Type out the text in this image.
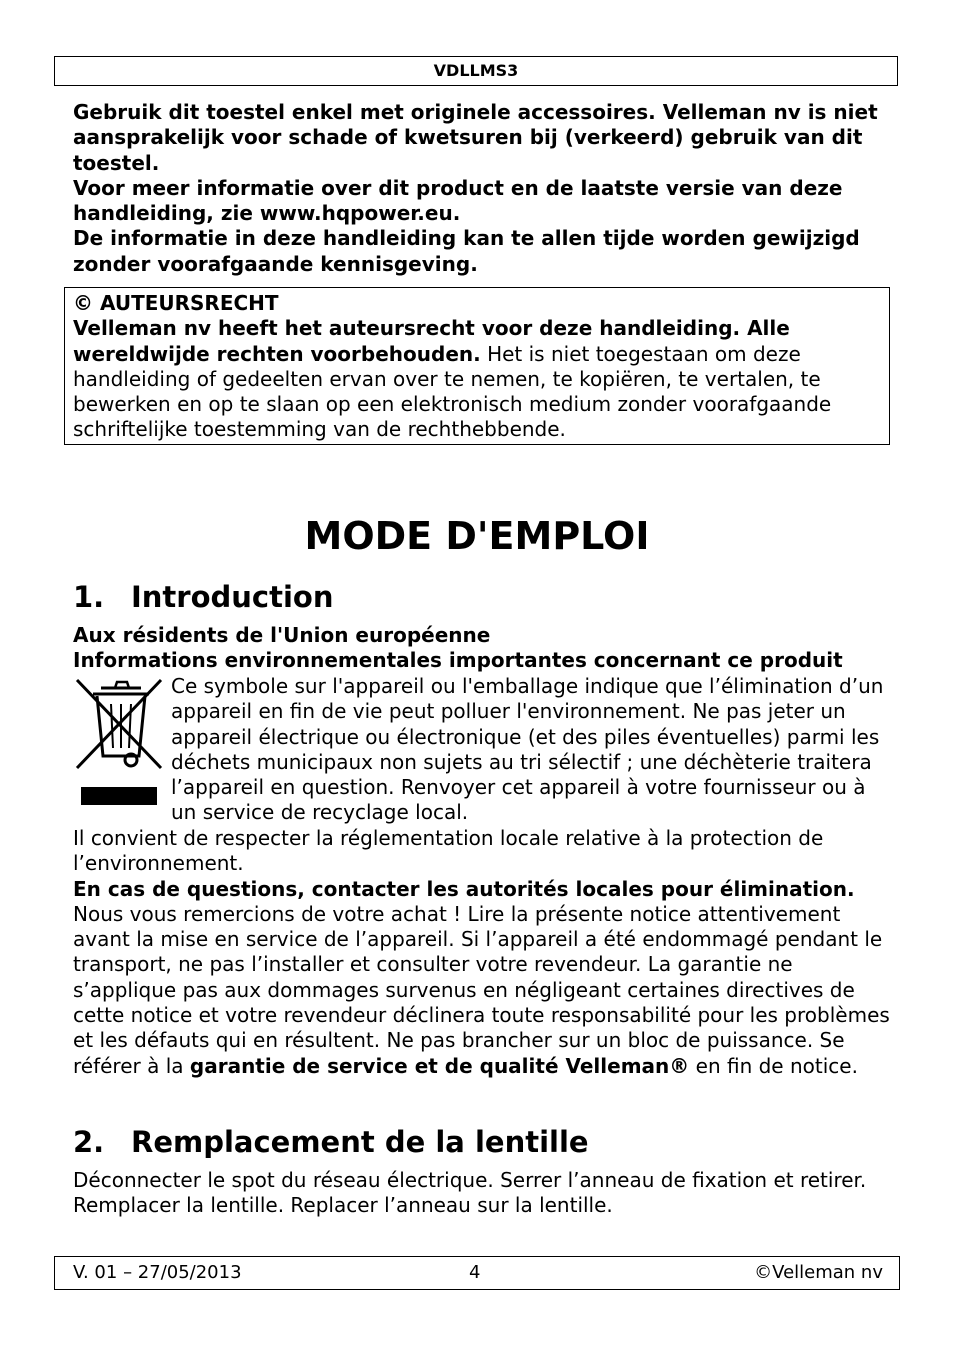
VDLLMS3
Gebruik dit toestel enkel met originele accessoires. Velleman nv is niet aansprakelijk voor schade of kwetsuren bij (verkeerd) gebruik van dit toestel.
Voor meer informatie over dit product en de laatste versie van deze handleiding, zie www.hqpower.eu.
De informatie in deze handleiding kan te allen tijde worden gewijzigd zonder voorafgaande kennisgeving.
© AUTEURSRECHT
Velleman nv heeft het auteursrecht voor deze handleiding. Alle wereldwijde rechten voorbehouden. Het is niet toegestaan om deze handleiding of gedeelten ervan over te nemen, te kopiëren, te vertalen, te bewerken en op te slaan op een elektronisch medium zonder voorafgaande schriftelijke toestemming van de rechthebbende.
MODE D'EMPLOI
1. Introduction
Aux résidents de l'Union européenne
Informations environnementales importantes concernant ce produit
Ce symbole sur l'appareil ou l'emballage indique que l’élimination d’un appareil en fin de vie peut polluer l'environnement. Ne pas jeter un appareil électrique ou électronique (et des piles éventuelles) parmi les déchets municipaux non sujets au tri sélectif ; une déchèterie traitera l’appareil en question. Renvoyer cet appareil à votre fournisseur ou à un service de recyclage local.
Il convient de respecter la réglementation locale relative à la protection de l’environnement.
En cas de questions, contacter les autorités locales pour élimination.
Nous vous remercions de votre achat ! Lire la présente notice attentivement avant la mise en service de l’appareil. Si l’appareil a été endommagé pendant le transport, ne pas l’installer et consulter votre revendeur. La garantie ne s’applique pas aux dommages survenus en négligeant certaines directives de cette notice et votre revendeur déclinera toute responsabilité pour les problèmes et les défauts qui en résultent. Ne pas brancher sur un bloc de puissance. Se référer à la garantie de service et de qualité Velleman® en fin de notice.
2. Remplacement de la lentille
Déconnecter le spot du réseau électrique. Serrer l’anneau de fixation et retirer. Remplacer la lentille. Replacer l’anneau sur la lentille.
V. 01 – 27/05/2013	4	©Velleman nv
